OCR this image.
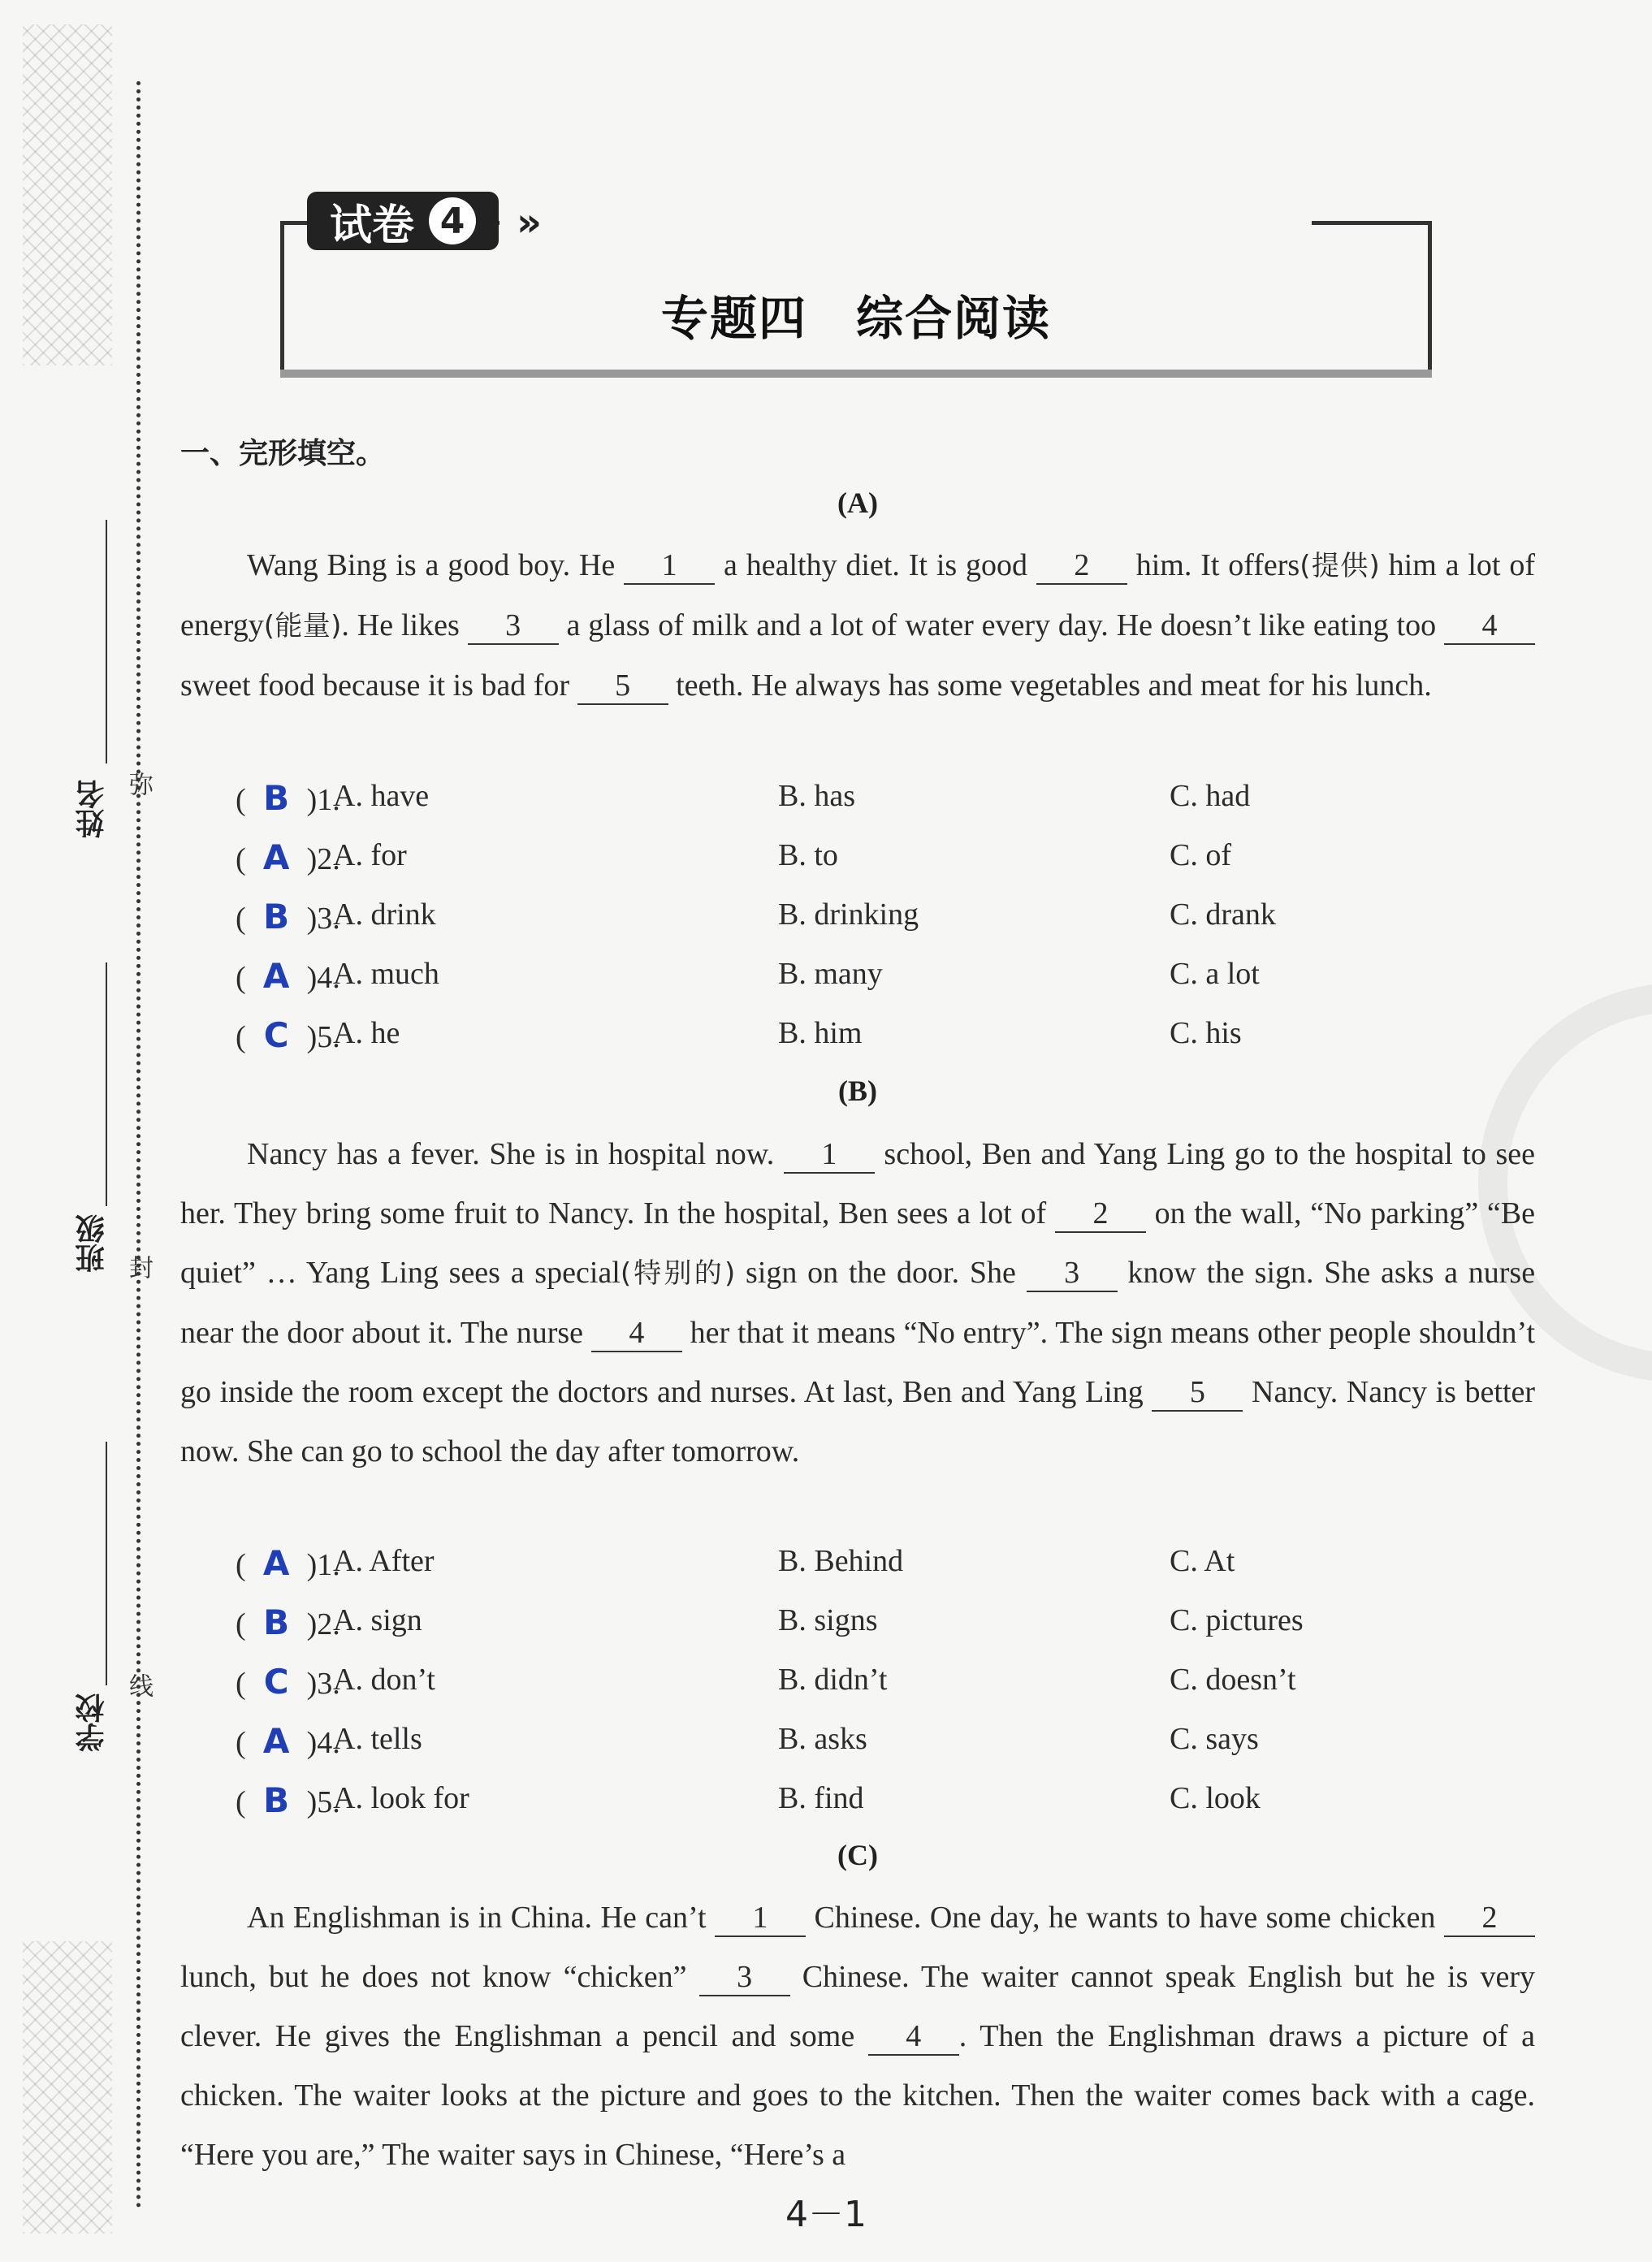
姓名 弥
班级 封
学校
线
试卷 4 »
专题四　综合阅读
一、完形填空。
(A)

Wang Bing is a good boy. He 1 a healthy diet. It is good 2 him. It offers(提供) him a lot of energy(能量). He likes 3 a glass of milk and a lot of water every day. He doesn’t like eating too 4 sweet food because it is bad for 5 teeth. He always has some vegetables and meat for his lunch.

( B )1.
A. have	B. has	C. had
( A )2.
A. for	B. to	C. of
( B )3.
A. drink	B. drinking	C. drank
( A )4.
A. much	B. many	C. a lot
( C )5.
A. he	B. him	C. his
(B)

Nancy has a fever. She is in hospital now. 1 school, Ben and Yang Ling go to the hospital to see her. They bring some fruit to Nancy. In the hospital, Ben sees a lot of 2 on the wall, “No parking” “Be quiet” … Yang Ling sees a special(特别的) sign on the door. She 3 know the sign. She asks a nurse near the door about it. The nurse 4 her that it means “No entry”. The sign means other people shouldn’t go inside the room except the doctors and nurses. At last, Ben and Yang Ling 5 Nancy. Nancy is better now. She can go to school the day after tomorrow.

( A )1.
A. After	B. Behind	C. At
( B )2.
A. sign	B. signs	C. pictures
( C )3.
A. don’t	B. didn’t	C. doesn’t
( A )4.
A. tells	B. asks	C. says
( B )5.
A. look for	B. find	C. look
(C)

An Englishman is in China. He can’t 1 Chinese. One day, he wants to have some chicken 2 lunch, but he does not know “chicken” 3 Chinese. The waiter cannot speak English but he is very clever. He gives the Englishman a pencil and some 4 . Then the Englishman draws a picture of a chicken. The waiter looks at the picture and goes to the kitchen. Then the waiter comes back with a cage. “Here you are,” The waiter says in Chinese, “Here’s a

4－1
